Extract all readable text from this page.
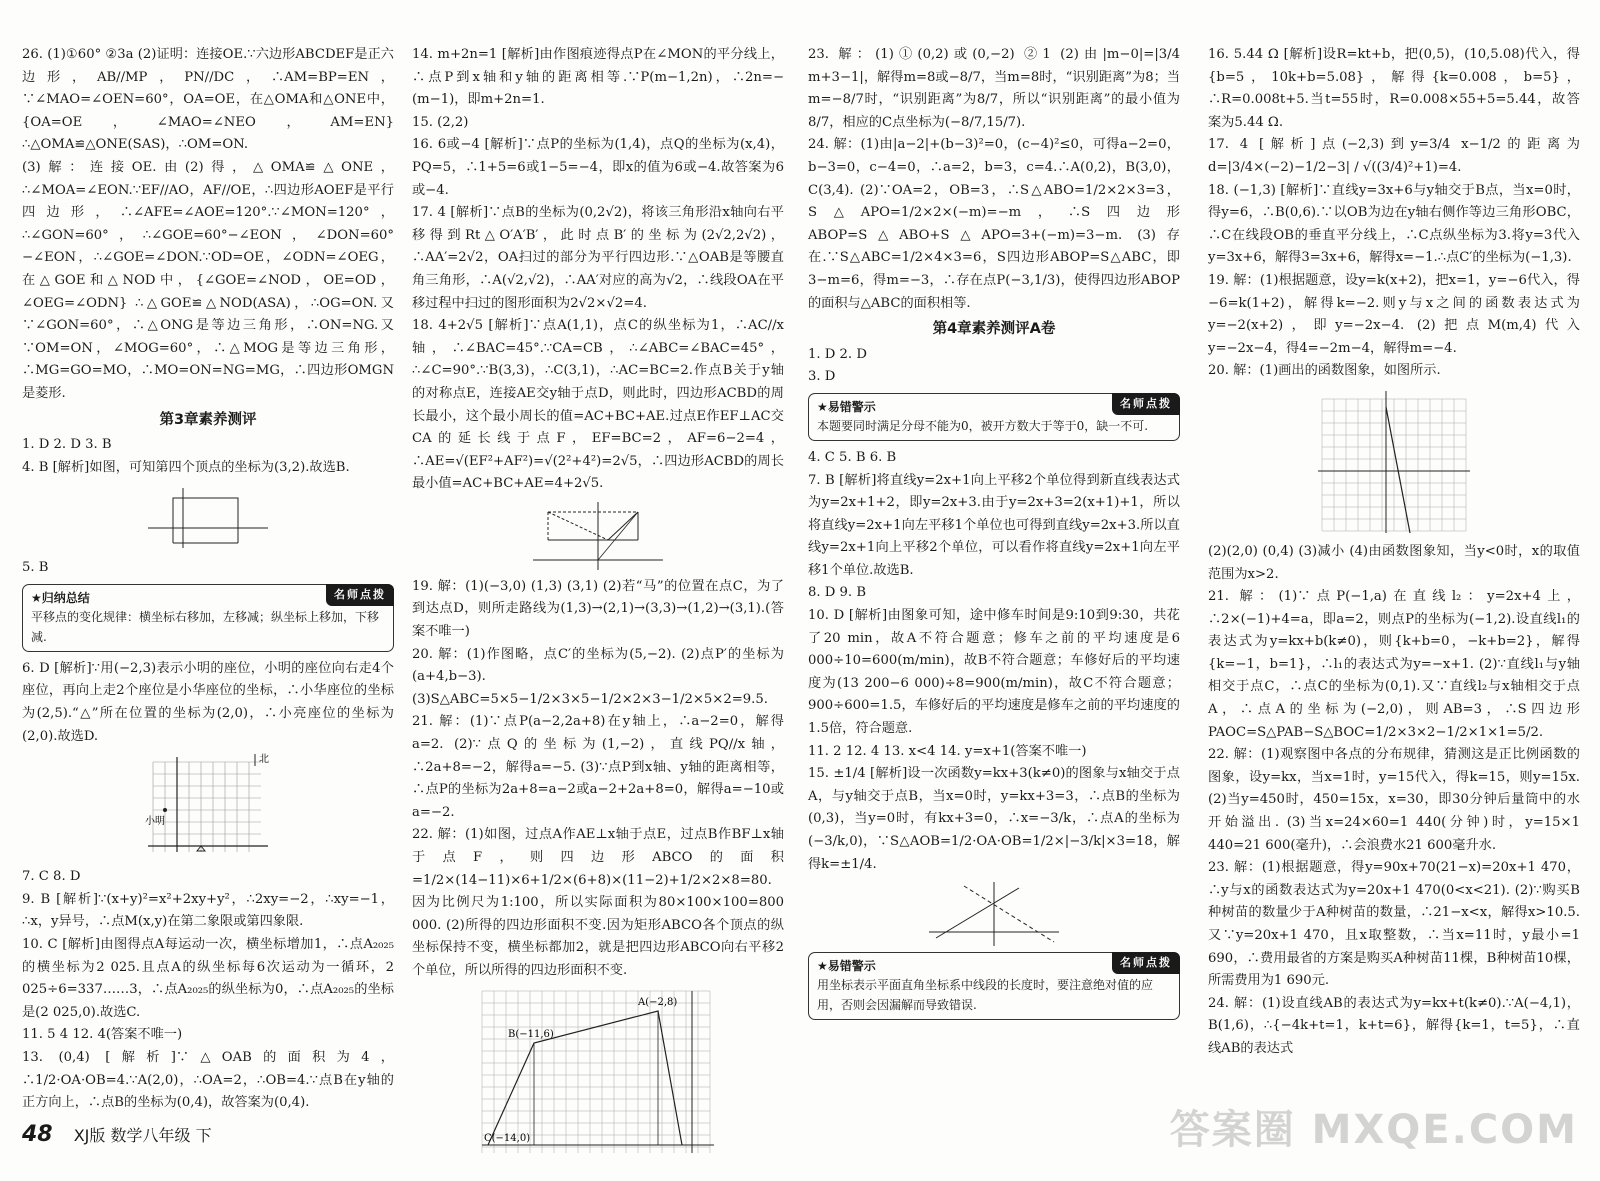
26. (1)①60° ②3a (2)证明：连接OE.∵六边形ABCDEF是正六边形，AB//MP，PN//DC，∴AM=BP=EN，∵∠MAO=∠OEN=60°，OA=OE，在△OMA和△ONE中，{OA=OE，∠MAO=∠NEO，AM=EN} ∴△OMA≌△ONE(SAS)，∴OM=ON.

(3)解：连接OE.由(2)得，△OMA≌△ONE，∴∠MOA=∠EON.∵EF//AO，AF//OE，∴四边形AOEF是平行四边形，∴∠AFE=∠AOE=120°.∵∠MON=120°，∴∠GON=60°，∴∠GOE=60°−∠EON，∠DON=60°−∠EON，∴∠GOE=∠DON.∵OD=OE，∠ODN=∠OEG，在△GOE和△NOD中，{∠GOE=∠NOD，OE=OD，∠OEG=∠ODN} ∴△GOE≌△NOD(ASA)，∴OG=ON.又∵∠GON=60°，∴△ONG是等边三角形，∴ON=NG.又∵OM=ON，∠MOG=60°，∴△MOG是等边三角形，∴MG=GO=MO，∴MO=ON=NG=MG，∴四边形OMGN是菱形.

第3章素养测评

1. D 2. D 3. B

4. B [解析]如图，可知第四个顶点的坐标为(3,2).故选B.

5. B

★归纳总结	名师点拨
平移点的变化规律：横坐标右移加，左移减；纵坐标上移加，下移减.

6. D [解析]∵用(−2,3)表示小明的座位，小明的座位向右走4个座位，再向上走2个座位是小华座位的坐标，∴小华座位的坐标为(2,5).“△”所在位置的坐标为(2,0)，∴小亮座位的坐标为(2,0).故选D.

北
小明

7. C 8. D

9. B [解析]∵(x+y)²=x²+2xy+y²，∴2xy=−2，∴xy=−1，∴x，y异号，∴点M(x,y)在第二象限或第四象限.

10. C [解析]由图得点A每运动一次，横坐标增加1，∴点A₂₀₂₅的横坐标为2 025.且点A的纵坐标每6次运动为一循环，2 025÷6=337……3，∴点A₂₀₂₅的纵坐标为0，∴点A₂₀₂₅的坐标是(2 025,0).故选C.

11. 5 4 12. 4(答案不唯一)

13. (0,4) [解析]∵△OAB的面积为4，∴1/2·OA·OB=4.∵A(2,0)，∴OA=2，∴OB=4.∵点B在y轴的正方向上，∴点B的坐标为(0,4)，故答案为(0,4).

14. m+2n=1 [解析]由作图痕迹得点P在∠MON的平分线上，∴点P到x轴和y轴的距离相等.∵P(m−1,2n)，∴2n=−(m−1)，即m+2n=1.

15. (2,2)

16. 6或−4 [解析]∵点P的坐标为(1,4)，点Q的坐标为(x,4)，PQ=5，∴1+5=6或1−5=−4，即x的值为6或−4.故答案为6或−4.

17. 4 [解析]∵点B的坐标为(0,2√2)，将该三角形沿x轴向右平移得到Rt△O′A′B′，此时点B′的坐标为(2√2,2√2)，∴AA′=2√2，OA扫过的部分为平行四边形.∵△OAB是等腰直角三角形，∴A(√2,√2)，∴AA′对应的高为√2，∴线段OA在平移过程中扫过的图形面积为2√2×√2=4.

18. 4+2√5 [解析]∵点A(1,1)，点C的纵坐标为1，∴AC//x轴，∴∠BAC=45°.∵CA=CB，∴∠ABC=∠BAC=45°，∴∠C=90°.∵B(3,3)，∴C(3,1)，∴AC=BC=2.作点B关于y轴的对称点E，连接AE交y轴于点D，则此时，四边形ACBD的周长最小，这个最小周长的值=AC+BC+AE.过点E作EF⊥AC交CA的延长线于点F，EF=BC=2，AF=6−2=4，∴AE=√(EF²+AF²)=√(2²+4²)=2√5，∴四边形ACBD的周长最小值=AC+BC+AE=4+2√5.

19. 解：(1)(−3,0) (1,3) (3,1) (2)若“马”的位置在点C，为了到达点D，则所走路线为(1,3)→(2,1)→(3,3)→(1,2)→(3,1).(答案不唯一)

20. 解：(1)作图略，点C′的坐标为(5,−2). (2)点P′的坐标为(a+4,b−3). (3)S△ABC=5×5−1/2×3×5−1/2×2×3−1/2×5×2=9.5.

21. 解：(1)∵点P(a−2,2a+8)在y轴上，∴a−2=0，解得a=2. (2)∵点Q的坐标为(1,−2)，直线PQ//x轴，∴2a+8=−2，解得a=−5. (3)∵点P到x轴、y轴的距离相等，∴点P的坐标为2a+8=a−2或a−2+2a+8=0，解得a=−10或a=−2.

22. 解：(1)如图，过点A作AE⊥x轴于点E，过点B作BF⊥x轴于点F，则四边形ABCO的面积=1/2×(14−11)×6+1/2×(6+8)×(11−2)+1/2×2×8=80.因为比例尺为1:100，所以实际面积为80×100×100=800 000. (2)所得的四边形面积不变.因为矩形ABCO各个顶点的纵坐标保持不变，横坐标都加2，就是把四边形ABCO向右平移2个单位，所以所得的四边形面积不变.

B(−11,6)
A(−2,8)
C(−14,0)

23. 解：(1)①(0,2)或(0,−2) ②1 (2)由|m−0|=|3/4 m+3−1|，解得m=8或−8/7，当m=8时，“识别距离”为8；当m=−8/7时，“识别距离”为8/7，所以“识别距离”的最小值为8/7，相应的C点坐标为(−8/7,15/7).

24. 解：(1)由|a−2|+(b−3)²=0，(c−4)²≤0，可得a−2=0，b−3=0，c−4=0，∴a=2，b=3，c=4.∴A(0,2)，B(3,0)，C(3,4). (2)∵OA=2，OB=3，∴S△ABO=1/2×2×3=3，S△APO=1/2×2×(−m)=−m，∴S四边形ABOP=S△ABO+S△APO=3+(−m)=3−m. (3)存在.∵S△ABC=1/2×4×3=6，S四边形ABOP=S△ABC，即3−m=6，得m=−3，∴存在点P(−3,1/3)，使得四边形ABOP的面积与△ABC的面积相等.

第4章素养测评A卷

1. D 2. D

3. D

★易错警示	名师点拨
本题要同时满足分母不能为0，被开方数大于等于0，缺一不可.

4. C 5. B 6. B

7. B [解析]将直线y=2x+1向上平移2个单位得到新直线表达式为y=2x+1+2，即y=2x+3.由于y=2x+3=2(x+1)+1，所以将直线y=2x+1向左平移1个单位也可得到直线y=2x+3.所以直线y=2x+1向上平移2个单位，可以看作将直线y=2x+1向左平移1个单位.故选B.

8. D 9. B

10. D [解析]由图象可知，途中修车时间是9:10到9:30，共花了20 min，故A不符合题意；修车之前的平均速度是6 000÷10=600(m/min)，故B不符合题意；车修好后的平均速度为(13 200−6 000)÷8=900(m/min)，故C不符合题意；900÷600=1.5，车修好后的平均速度是修车之前的平均速度的1.5倍，符合题意.

11. 2 12. 4 13. x<4 14. y=x+1(答案不唯一)

15. ±1/4 [解析]设一次函数y=kx+3(k≠0)的图象与x轴交于点A，与y轴交于点B，当x=0时，y=kx+3=3，∴点B的坐标为(0,3)，当y=0时，有kx+3=0，∴x=−3/k，∴点A的坐标为(−3/k,0)，∵S△AOB=1/2·OA·OB=1/2×|−3/k|×3=18，解得k=±1/4.

★易错警示	名师点拨
用坐标表示平面直角坐标系中线段的长度时，要注意绝对值的应用，否则会因漏解而导致错误.

16. 5.44 Ω [解析]设R=kt+b，把(0,5)，(10,5.08)代入，得{b=5，10k+b=5.08}，解得{k=0.008，b=5}，∴R=0.008t+5.当t=55时，R=0.008×55+5=5.44，故答案为5.44 Ω.

17. 4 [解析]点(−2,3)到y=3/4 x−1/2的距离为d=|3/4×(−2)−1/2−3| / √((3/4)²+1)=4.

18. (−1,3) [解析]∵直线y=3x+6与y轴交于B点，当x=0时，得y=6，∴B(0,6).∵以OB为边在y轴右侧作等边三角形OBC，∴C在线段OB的垂直平分线上，∴C点纵坐标为3.将y=3代入y=3x+6，解得3=3x+6，解得x=−1.∴点C′的坐标为(−1,3).

19. 解：(1)根据题意，设y=k(x+2)，把x=1，y=−6代入，得−6=k(1+2)，解得k=−2.则y与x之间的函数表达式为y=−2(x+2)，即y=−2x−4. (2)把点M(m,4)代入y=−2x−4，得4=−2m−4，解得m=−4.

20. 解：(1)画出的函数图象，如图所示.

(2)(2,0) (0,4) (3)减小 (4)由函数图象知，当y<0时，x的取值范围为x>2.

21. 解：(1)∵点P(−1,a)在直线l₂：y=2x+4上，∴2×(−1)+4=a，即a=2，则点P的坐标为(−1,2).设直线l₁的表达式为y=kx+b(k≠0)，则{k+b=0，−k+b=2}，解得{k=−1，b=1}，∴l₁的表达式为y=−x+1. (2)∵直线l₁与y轴相交于点C，∴点C的坐标为(0,1).又∵直线l₂与x轴相交于点A，∴点A的坐标为(−2,0)，则AB=3，∴S四边形PAOC=S△PAB−S△BOC=1/2×3×2−1/2×1×1=5/2.

22. 解：(1)观察图中各点的分布规律，猜测这是正比例函数的图象，设y=kx，当x=1时，y=15代入，得k=15，则y=15x. (2)当y=450时，450=15x，x=30，即30分钟后量筒中的水开始溢出. (3)当x=24×60=1 440(分钟)时，y=15×1 440=21 600(毫升)，∴会浪费水21 600毫升水.

23. 解：(1)根据题意，得y=90x+70(21−x)=20x+1 470，∴y与x的函数表达式为y=20x+1 470(0<x<21). (2)∵购买B种树苗的数量少于A种树苗的数量，∴21−x<x，解得x>10.5.又∵y=20x+1 470，且x取整数，∴当x=11时，y最小=1 690，∴费用最省的方案是购买A种树苗11棵，B种树苗10棵，所需费用为1 690元.

24. 解：(1)设直线AB的表达式为y=kx+t(k≠0).∵A(−4,1)，B(1,6)，∴{−4k+t=1，k+t=6}，解得{k=1，t=5}，∴直线AB的表达式

48 XJ版 数学八年级 下	答案圈 MXQE.COM
